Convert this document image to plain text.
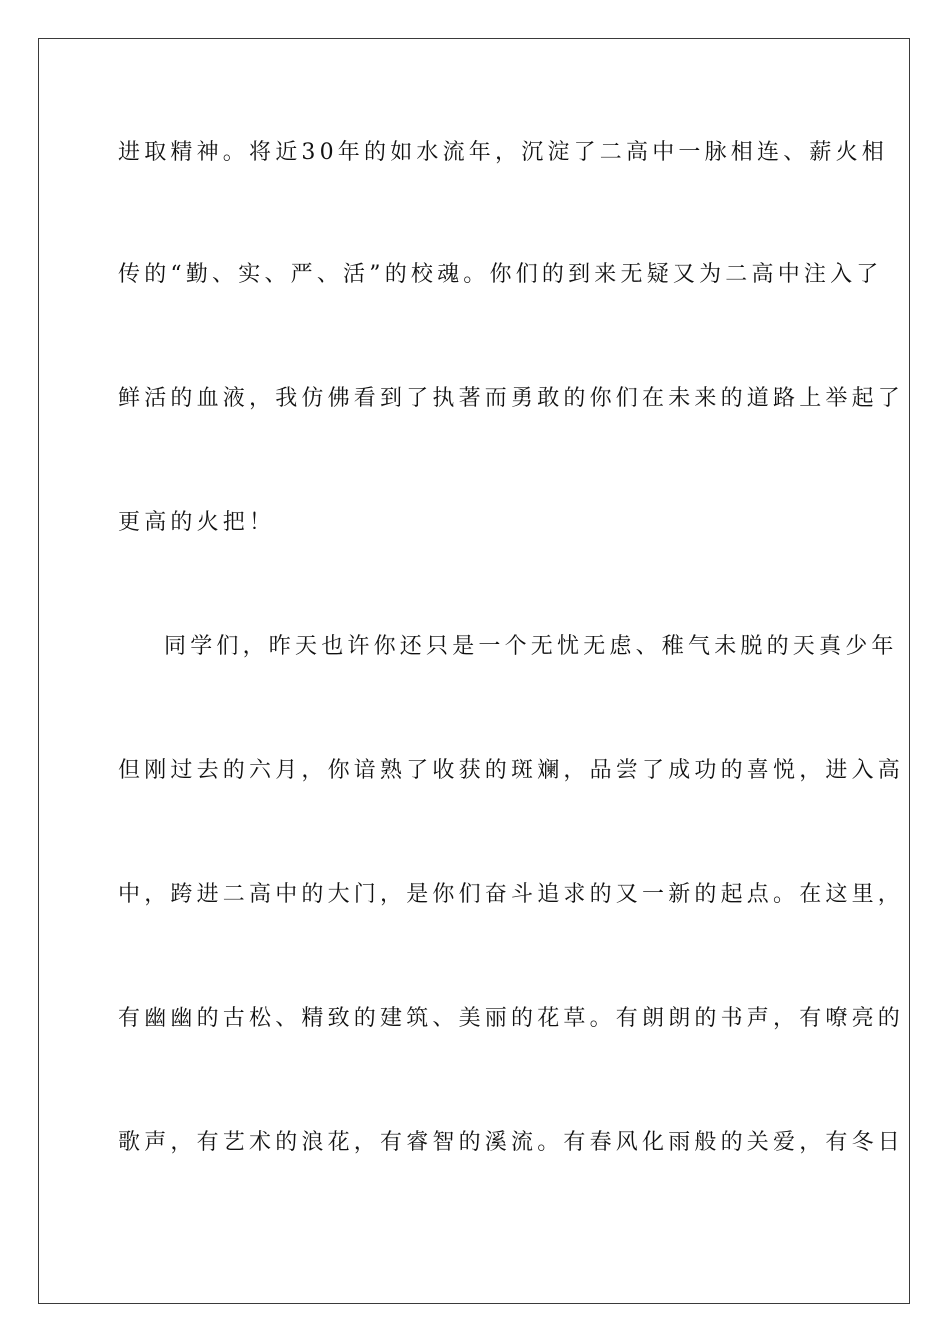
进取精神。将近30年的如水流年，沉淀了二高中一脉相连、薪火相
传的“勤、实、严、活”的校魂。你们的到来无疑又为二高中注入了
鲜活的血液，我仿佛看到了执著而勇敢的你们在未来的道路上举起了
更高的火把！
同学们，昨天也许你还只是一个无忧无虑、稚气未脱的天真少年
但刚过去的六月，你谙熟了收获的斑斓，品尝了成功的喜悦，进入高
中，跨进二高中的大门，是你们奋斗追求的又一新的起点。在这里，
有幽幽的古松、精致的建筑、美丽的花草。有朗朗的书声，有嘹亮的
歌声，有艺术的浪花，有睿智的溪流。有春风化雨般的关爱，有冬日
